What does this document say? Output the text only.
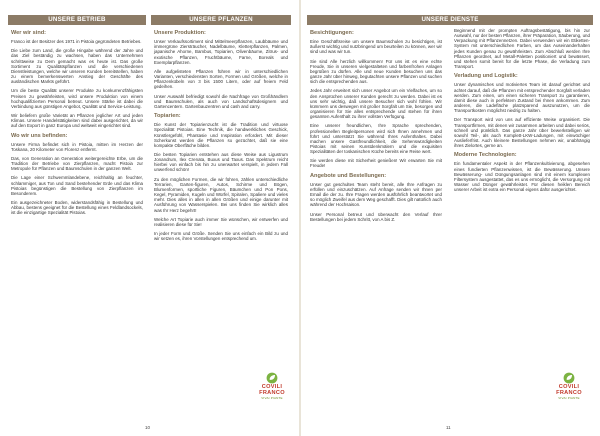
UNSERE BETRIEB
Wer wir sind:

Franco ist der Besitzer des 1971 in Pistoia gegründeten Betriebes.

Die Liebe zum Land, die große Hingabe während der Jahre und das Ziel beständig zu wachsen, haben das Unternehmen schrittweise zu Dem gemacht was es heute ist. Das große Sortiment zu Qualitätspflanzen und die verschiedenen Dienstleistungen, welche wir unseren Kunden bereitstellen, haben zu einem bemerkenswerten Anstieg der Geschäfte des ausländischen Markts geführt.

Um die beste Qualität unserer Produkte zu konkurrenzfähigsten Preisen zu gewährleisten, wird unsere Produktion von einem hochqualifizierten Personal betreut. Unsere Stärke ist dabei die Verbindung aus günstigen Angebot, Qualität und Service-Leistung.

Wir beliefern große Varietät an Pflanzen jeglicher Art und jeden Klimas. Unsere Handelstätigkeiten sind dabei ausgerichtet, da wir auf den Export in ganz Europa und weltweit eingerichtet sind.

Wo wir uns befinden:

Unsere Firma befindet sich in Pistoia, mitten im Herzen der Toskana, 20 Kilometer von Florenz entfernt.

Das, von Generation an Generation weitergereichte Erbe, um die Tradition der Betriebe von Zierpflanzen, macht Pistoia zur Metropole für Pflanzen und Baumschulen in der ganzen Welt.

Die Lage einer Schwemmlandebene, reichhaltig an feuchter, schlammiger, aus Ton und Sand bestehender Erde und das Klima Pistoias begünstigen die Bestellung von Zierpflanzen im Besonderem.

Ein ausgezeichneter Boden, widerstandsfähig in Bestellung und Abbau, bestens geeignet für die Bestellung eines Feldlandsockels, ist die einzigartige Spezialität Pistoias.

UNSERE PFLANZEN
Unsere Produktion:

Unser Verkaufssortiment sind Mittelmeerpflanzen, Laubbäume und immergrüne Ziersträucher, Nadelbäume, Kletterpflanzen, Palmen, japanische Ahorne, Bambus, Topiarien, Olivenbäume, Zitrus- und exotische Pflanzen, Fruchtbäume, Farne, Boreals und Exemplarpflanzen.

Alle aufgelisteten Pflanzen führen wir in unterschiedlichen Varianten, verschiedensten Sorten, Formen und Größen, welche in Pflanzenkübeln von 3 bis 1500 Litern, oder auf freiem Feld gedeihen.

Unser Auswahl befriedigt sowohl die Nachfrage von Großhändlern und Baumschulen, als auch von Landschaftsdesignern und Gartencentern. Gartenbauzentren und cash and carry.

Topiarien:

Die Kunst der Topiarienzucht ist die Tradition und virtuose Spezialität Pistoias. Eine Technik, die handwerkliches Geschick, Künstlergefühl, Phantasie und Inspiration erfordert. Mit dieser Scherkunst werden die Pflanzen so gezüchtet, daß sie eine kompakte Oberfläche bilden.

Die besten Topiarien entstehen aus diese Weise aus Ligustrum Jonandrum, Ilex Crenata, Buxus und Taxus. Das Spektrum reicht hierbei von einfach bis hin zu unerwartet verspielt, in jedem Fall unwerfend schön!

Zu den möglichen Formen, die wir führen, zählen unterschiedliche Terrarien, Garten-figuren, Autos, Schirme und Bögen, Blumenformen, sportliche Figuren, Bäumchen und Pon Pons, Kegel, Pyramiden, Kugeln und Würfel, Spiralen, Spaliere und vieles mehr. Dies alles in allen in allen Größen und einige darunter mit Ausführung von Wasserspielen. Bei uns finden Sie wirklich alles was Ihr Herz begehrt!

Welche Art Topiarie auch immer Sie wünschen, wir entwerfen und realisieren diese für Sie!

In jeder Form und Größe. Senden Sie uns einfach ein Bild zu und wir setzen es, ihren Vorstellungen entsprechend um.

COVILI
FRANCO
VIVAI PIANTE
10
UNSERE DIENSTE
Besichtigungen:

Eine Geschäftsreise um unsere Baumschulen zu besichtigen, ist äußerst wichtig und nutzbringend um beurteilen zu können, wer wir sind und was wir tun.

Sie sind Alle herzlich willkommen! Für uns ist es eine echte Freude, Sie in unseren vielgestalteten und farbenfrohen Anlagen begrüßen zu dürfen. Alle und neue Kunden besuchen uns das ganze Jahr über hinweg, begutachten unsere Pflanzen und suchen sich die entsprechenden aus.

Jedes Jahr erweitert sich unser Angebot um ein Vielfaches, um so den Ansprüchen unserer Kunden gerecht zu werden. Dabei ist es uns sehr wichtig, daß unsere Besucher sich wohl fühlen. Wir kümmern uns deswegen mit großer Sorgfalt um Sie, besorgen und organisieren für Sie alles entsprechende und stehen für ihren gesamten Aufenthalt zu ihrer vollsten Verfügung.

Eine unserer freundlichen, Ihre Sprache sprechenden, professionellen Begleitpersonen wird sich Ihnen annehmen und führt und unterstützt Sie während Ihres Aufenthaltes. Dabei machen unsere Gastfreundlichkeit, die Sehenswürdigkeiten Pistoias mit seinen Kunstdenkmälern und die exquisiten Spezialitäten der toskanischen Küche bereits eine Reise wert.

Sie werden diese mit Sicherheit genießen! Wir erwarten Sie mit Freude!

Angebote und Bestellungen:

Unser gut geschultes Team steht bereit, alle Ihre Anfragen zu erfüllen und einzuschätzen. Auf Anfrage senden wir Ihnen per Email die der zu. Ihre Fragen werden ausführlich beantwortet und so möglich Zweifel aus dem Weg geschafft. Dies gilt natürlich auch während der Hochsaison.

Unser Personal betreut und überwacht den Verlauf Ihrer Bestellungen bei jedem Schritt, von A bis Z.

Beginnend mit der prompten Auftragsbestätigung, bis hin zur Auswahl, nur der besten Pflanzen, ihrer Präparation, Säuberung, und Verpackung mit Pflanzennetzen. Dabei verwenden wir ein Etiketten-System mit unterschiedlichen Farben, um das Auseinanderhalten jedes Kunden genau zu gewährleisten. Zum Abschluß werden Ihre Pflanzen geordnet, auf Metall-Paletten positioniert und bewässert, und stehen somit bereit für die letzte Phase, die Verladung zum Transport.

Verladung und Logistik:

Unser dynamisches und motiviertes Team ist darauf gerichtet und achtet darauf, daß die Pflanzen mit entsprechender Sorgfalt verladen werden. Zum einen, um einen sicheren Transport zu garantieren, damit diese auch in perfektem Zustand bei Ihnen ankommen. Zum anderen, die Ladefläche platzsparend auszunutzen, um die Transportkosten möglichst niedrig zu halten.

Der Transport wird von uns auf effiziente Weise organisiert. Die Transportfirmen, mit denen wir zusammen arbeiten und dabei seriös, schnell und pünktlich. Das ganze Jahr über bewerkstelligen wir sowohl Teil-, als auch Komplett-LKW-Ladungen, mit einwöchiger Auslieferfrist. Auch kleinere Bestellungen nehmen wir, unabhängig ihres Zielortes, gerne an.

Moderne Technologien:

Ein fundamentaler Aspekt in der Pflanzenkultivierung, abgesehen eines fundierten Pflanzenwissen, ist die Bewässerung. Unsere Bewässerung- und Düngungsanlagen sind mit einem komplexen Filtersystem ausgestattet, das es uns ermöglicht, die Versorgung mit Wasser und Dünger gewährleistet. Für diesen heiklen Bereich unserer Arbeit ist extra ein Personal eigens dafür ausgerichtet.

COVILI
FRANCO
VIVAI PIANTE
11
